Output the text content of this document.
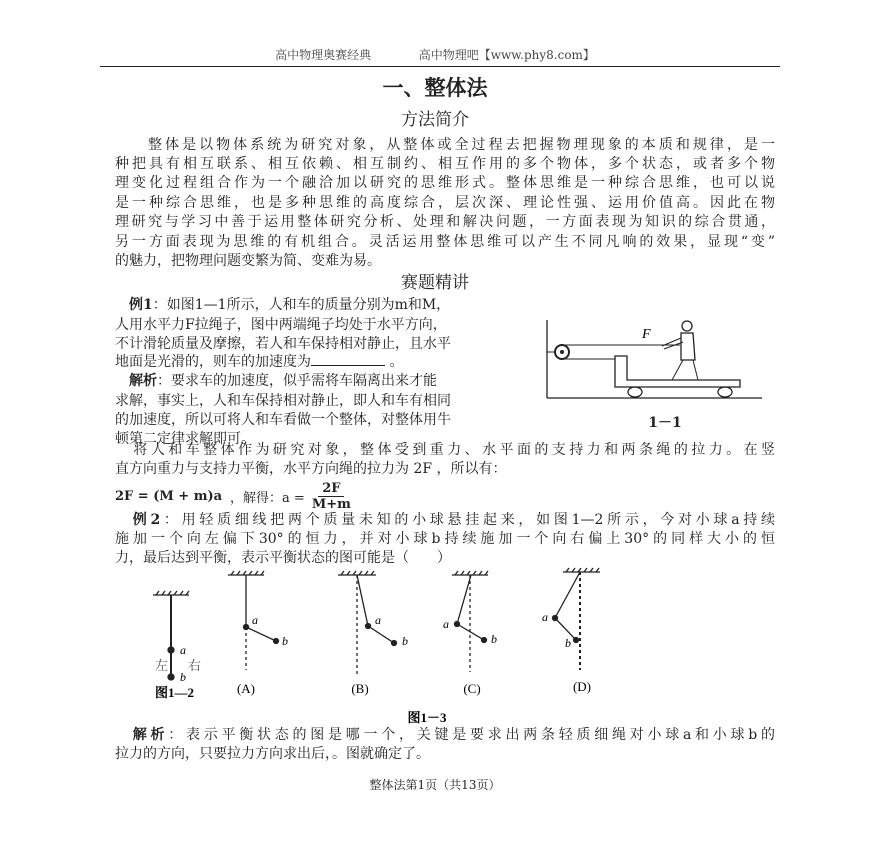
高中物理奥赛经典	高中物理吧【www.phy8.com】
一、整体法
方法简介
整体是以物体系统为研究对象，从整体或全过程去把握物理现象的本质和规律，是一
种把具有相互联系、相互依赖、相互制约、相互作用的多个物体，多个状态，或者多个物
理变化过程组合作为一个融洽加以研究的思维形式。整体思维是一种综合思维，也可以说
是一种综合思维，也是多种思维的高度综合，层次深、理论性强、运用价值高。因此在物
理研究与学习中善于运用整体研究分析、处理和解决问题，一方面表现为知识的综合贯通，
另一方面表现为思维的有机组合。灵活运用整体思维可以产生不同凡响的效果，显现“变”
的魅力，把物理问题变繁为简、变难为易。
赛题精讲
例1：如图1—1所示，人和车的质量分别为m和M，
人用水平力F拉绳子，图中两端绳子均处于水平方向，
不计滑轮质量及摩擦，若人和车保持相对静止，且水平
地面是光滑的，则车的加速度为	。
解析：要求车的加速度，似乎需将车隔离出来才能
求解，事实上，人和车保持相对静止，即人和车有相同
的加速度，所以可将人和车看做一个整体，对整体用牛
顿第二定律求解即可。
F
1－1
将人和车整体作为研究对象，整体受到重力、水平面的支持力和两条绳的拉力。在竖
直方向重力与支持力平衡，水平方向绳的拉力为 2F ，所以有：
2F = (M + m)a ，解得：$a = \frac{2F}{M+m}$
例2：用轻质细线把两个质量未知的小球悬挂起来，如图1—2所示，今对小球a持续
施加一个向左偏下30°的恒力，并对小球b持续施加一个向右偏上30°的同样大小的恒
力，最后达到平衡，表示平衡状态的图可能是（　　）
a
b
左 右
图1—2
a
b
a
b
a
b
a
b
(A)	(B)	(C)	(D)
图1－3
解析：表示平衡状态的图是哪一个，关键是要求出两条轻质细绳对小球a和小球b的
拉力的方向，只要拉力方向求出后，。图就确定了。
整体法第1页（共13页）
